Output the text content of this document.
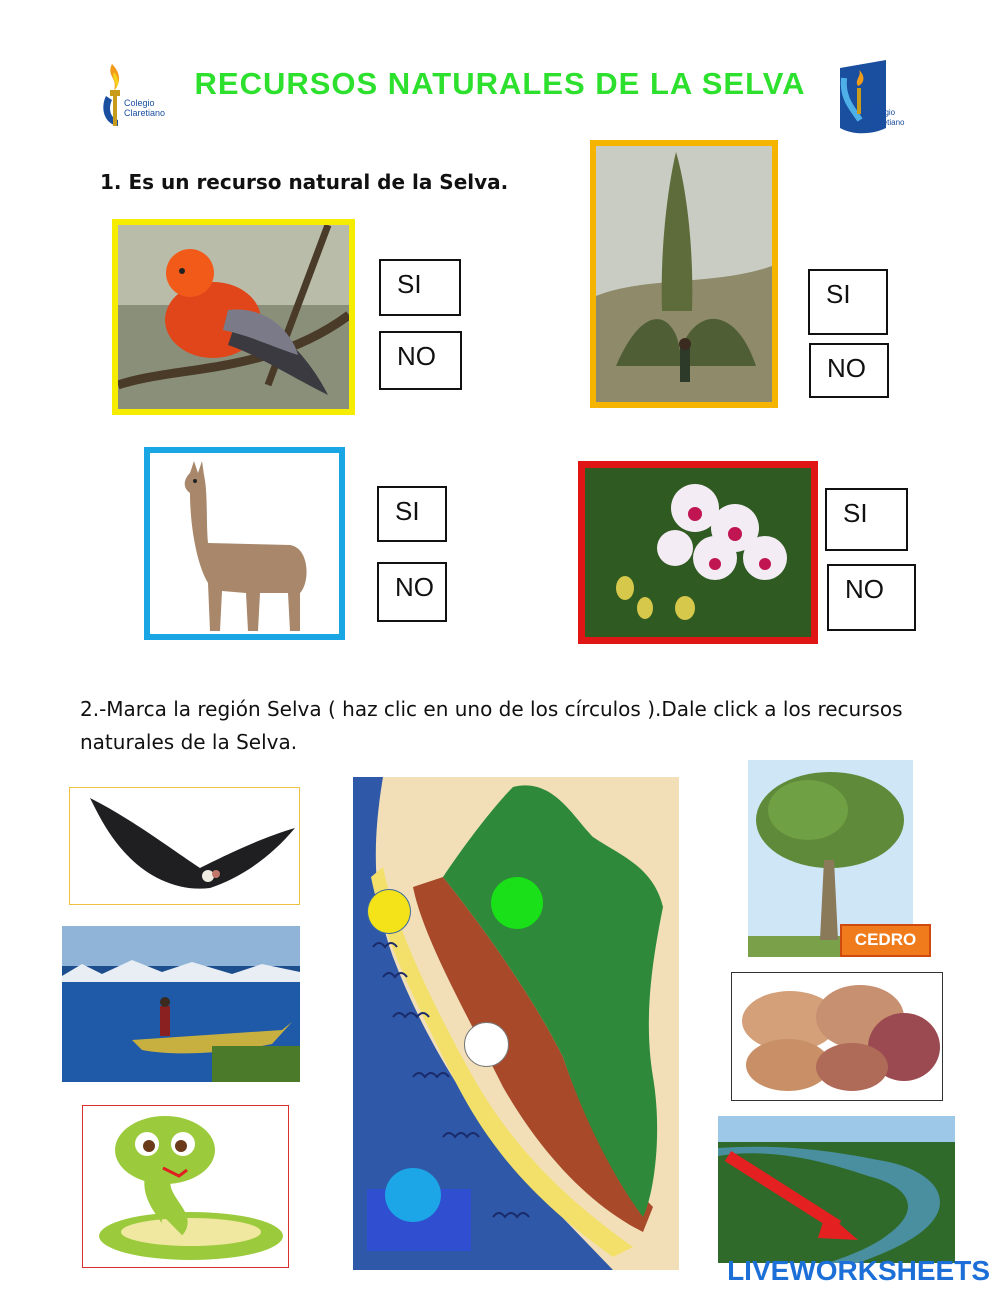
Colegio Claretiano
RECURSOS NATURALES DE LA SELVA
Colegio Claretiano
1. Es un recurso natural de la Selva.
SI
NO
SI
NO
SI
NO
SI
NO
2.-Marca la región Selva ( haz clic en uno de los círculos ).Dale click a los recursos naturales de la Selva.
CEDRO
LIVEWORKSHEETS
